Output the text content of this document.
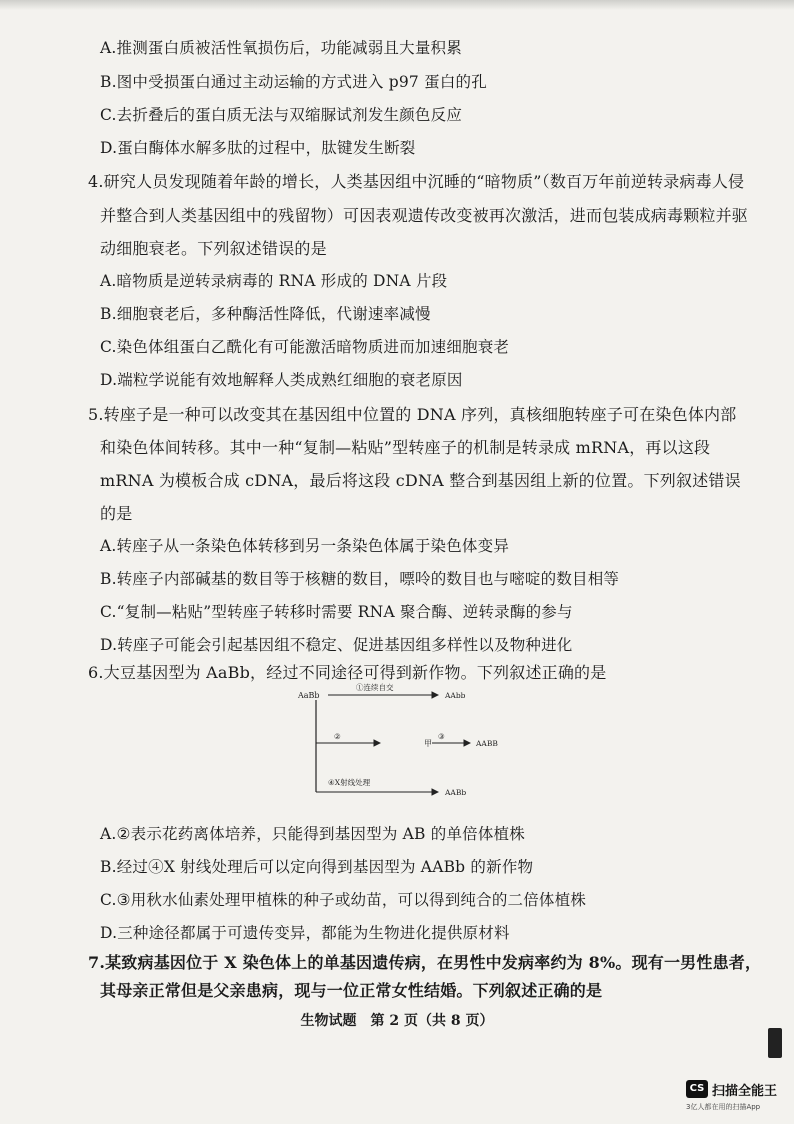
A.推测蛋白质被活性氧损伤后，功能减弱且大量积累
B.图中受损蛋白通过主动运输的方式进入 p97 蛋白的孔
C.去折叠后的蛋白质无法与双缩脲试剂发生颜色反应
D.蛋白酶体水解多肽的过程中，肽键发生断裂
4.研究人员发现随着年龄的增长，人类基因组中沉睡的“暗物质”（数百万年前逆转录病毒人侵
并整合到人类基因组中的残留物）可因表观遗传改变被再次激活，进而包装成病毒颗粒并驱
动细胞衰老。下列叙述错误的是
A.暗物质是逆转录病毒的 RNA 形成的 DNA 片段
B.细胞衰老后，多种酶活性降低，代谢速率减慢
C.染色体组蛋白乙酰化有可能激活暗物质进而加速细胞衰老
D.端粒学说能有效地解释人类成熟红细胞的衰老原因
5.转座子是一种可以改变其在基因组中位置的 DNA 序列，真核细胞转座子可在染色体内部
和染色体间转移。其中一种“复制—粘贴”型转座子的机制是转录成 mRNA，再以这段
mRNA 为模板合成 cDNA，最后将这段 cDNA 整合到基因组上新的位置。下列叙述错误
的是
A.转座子从一条染色体转移到另一条染色体属于染色体变异
B.转座子内部碱基的数目等于核糖的数目，嘌呤的数目也与嘧啶的数目相等
C.“复制—粘贴”型转座子转移时需要 RNA 聚合酶、逆转录酶的参与
D.转座子可能会引起基因组不稳定、促进基因组多样性以及物种进化
6.大豆基因型为 AaBb，经过不同途径可得到新作物。下列叙述正确的是
AaBb
①连续自交
AAbb
②
甲
③
AABB
④X射线处理
AABb
A.②表示花药离体培养，只能得到基因型为 AB 的单倍体植株
B.经过④X 射线处理后可以定向得到基因型为 AABb 的新作物
C.③用秋水仙素处理甲植株的种子或幼苗，可以得到纯合的二倍体植株
D.三种途径都属于可遗传变异，都能为生物进化提供原材料
7.某致病基因位于 X 染色体上的单基因遗传病，在男性中发病率约为 8%。现有一男性患者，
其母亲正常但是父亲患病，现与一位正常女性结婚。下列叙述正确的是
生物试题　第 2 页（共 8 页）
CS 扫描全能王
3亿人都在用的扫描App
